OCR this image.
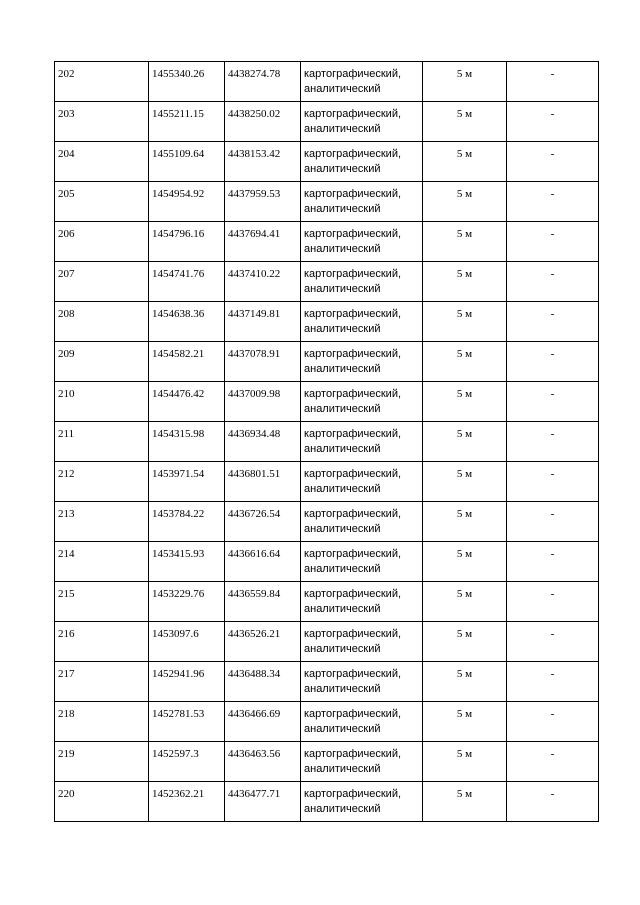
202	1455340.26	4438274.78	картографический, аналитический	5 м	-
203	1455211.15	4438250.02	картографический, аналитический	5 м	-
204	1455109.64	4438153.42	картографический, аналитический	5 м	-
205	1454954.92	4437959.53	картографический, аналитический	5 м	-
206	1454796.16	4437694.41	картографический, аналитический	5 м	-
207	1454741.76	4437410.22	картографический, аналитический	5 м	-
208	1454638.36	4437149.81	картографический, аналитический	5 м	-
209	1454582.21	4437078.91	картографический, аналитический	5 м	-
210	1454476.42	4437009.98	картографический, аналитический	5 м	-
211	1454315.98	4436934.48	картографический, аналитический	5 м	-
212	1453971.54	4436801.51	картографический, аналитический	5 м	-
213	1453784.22	4436726.54	картографический, аналитический	5 м	-
214	1453415.93	4436616.64	картографический, аналитический	5 м	-
215	1453229.76	4436559.84	картографический, аналитический	5 м	-
216	1453097.6	4436526.21	картографический, аналитический	5 м	-
217	1452941.96	4436488.34	картографический, аналитический	5 м	-
218	1452781.53	4436466.69	картографический, аналитический	5 м	-
219	1452597.3	4436463.56	картографический, аналитический	5 м	-
220	1452362.21	4436477.71	картографический, аналитический	5 м	-
